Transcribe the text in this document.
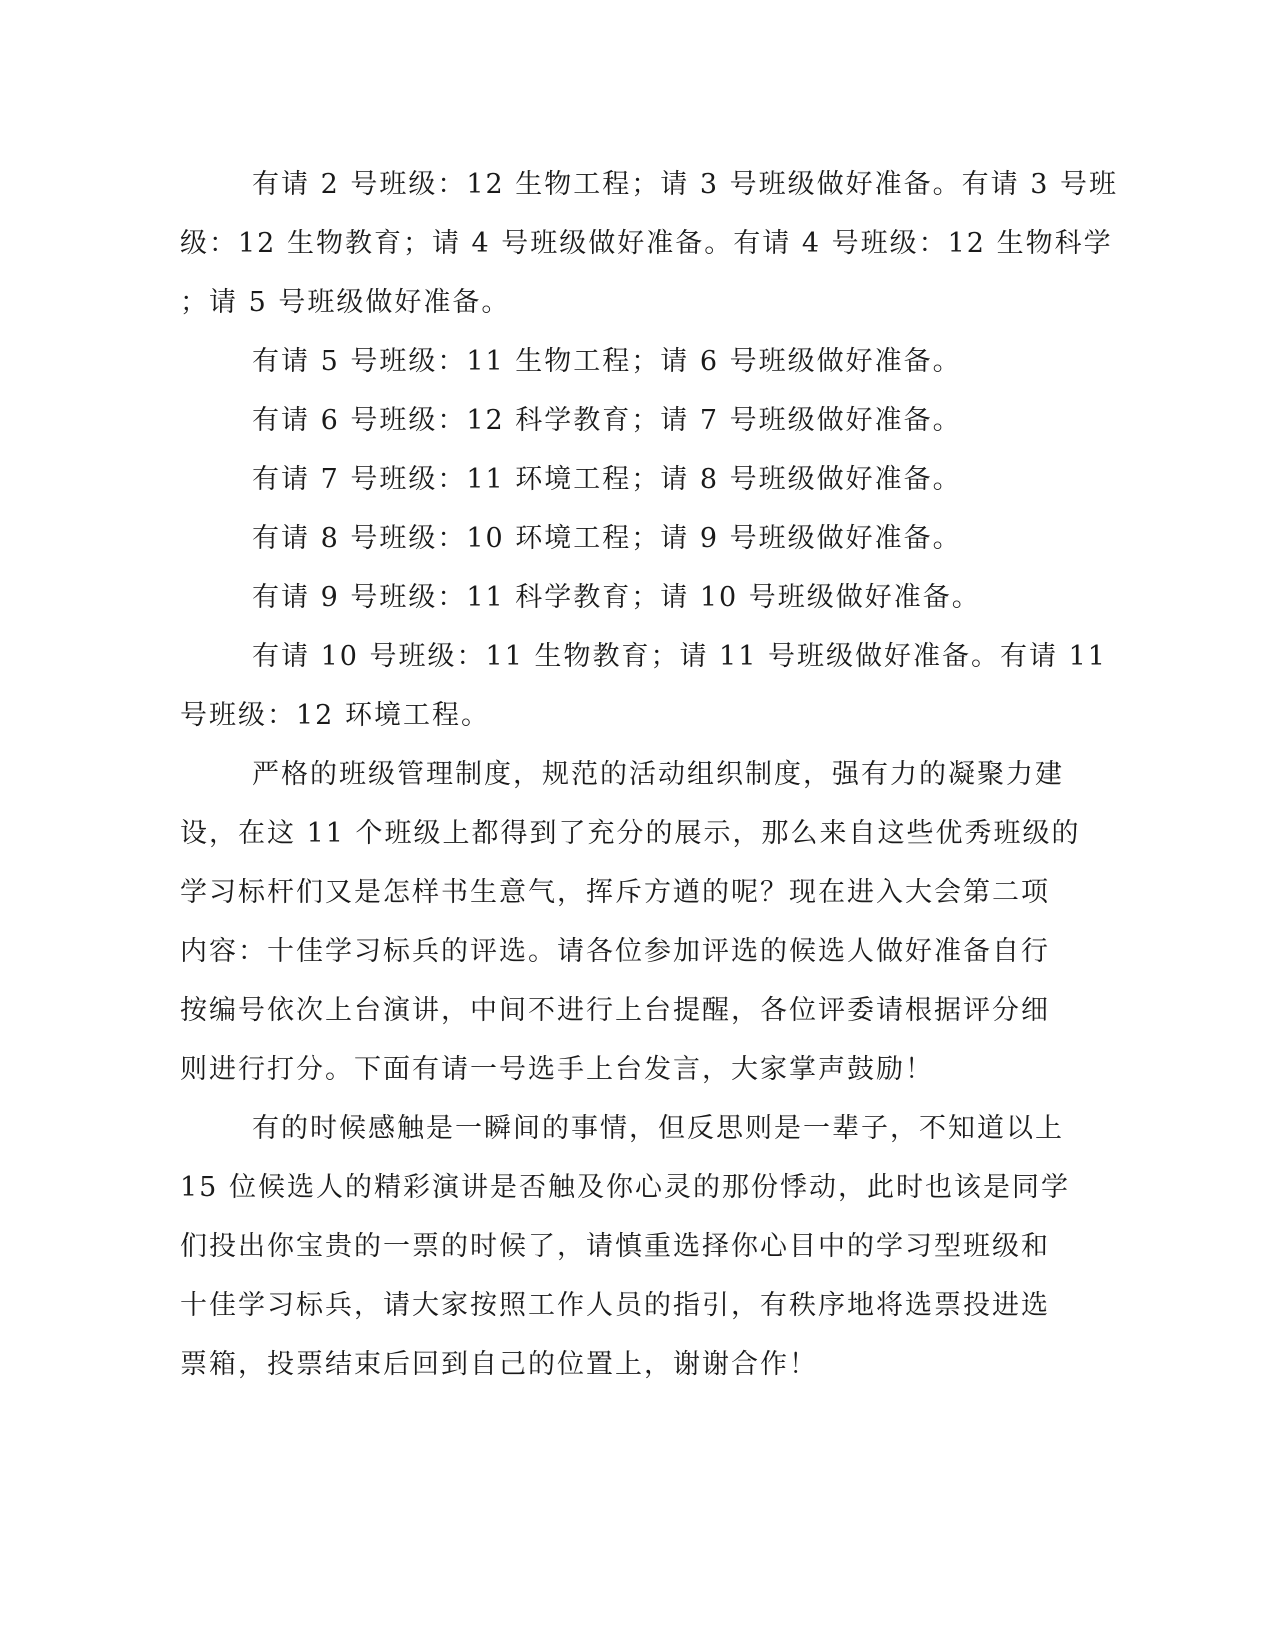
有请 2 号班级：12 生物工程；请 3 号班级做好准备。有请 3 号班
级：12 生物教育；请 4 号班级做好准备。有请 4 号班级：12 生物科学
；请 5 号班级做好准备。
有请 5 号班级：11 生物工程；请 6 号班级做好准备。
有请 6 号班级：12 科学教育；请 7 号班级做好准备。
有请 7 号班级：11 环境工程；请 8 号班级做好准备。
有请 8 号班级：10 环境工程；请 9 号班级做好准备。
有请 9 号班级：11 科学教育；请 10 号班级做好准备。
有请 10 号班级：11 生物教育；请 11 号班级做好准备。有请 11
号班级：12 环境工程。
严格的班级管理制度，规范的活动组织制度，强有力的凝聚力建
设，在这 11 个班级上都得到了充分的展示，那么来自这些优秀班级的
学习标杆们又是怎样书生意气，挥斥方遒的呢？现在进入大会第二项
内容：十佳学习标兵的评选。请各位参加评选的候选人做好准备自行
按编号依次上台演讲，中间不进行上台提醒，各位评委请根据评分细
则进行打分。下面有请一号选手上台发言，大家掌声鼓励！
有的时候感触是一瞬间的事情，但反思则是一辈子，不知道以上
15 位候选人的精彩演讲是否触及你心灵的那份悸动，此时也该是同学
们投出你宝贵的一票的时候了，请慎重选择你心目中的学习型班级和
十佳学习标兵，请大家按照工作人员的指引，有秩序地将选票投进选
票箱，投票结束后回到自己的位置上，谢谢合作！
